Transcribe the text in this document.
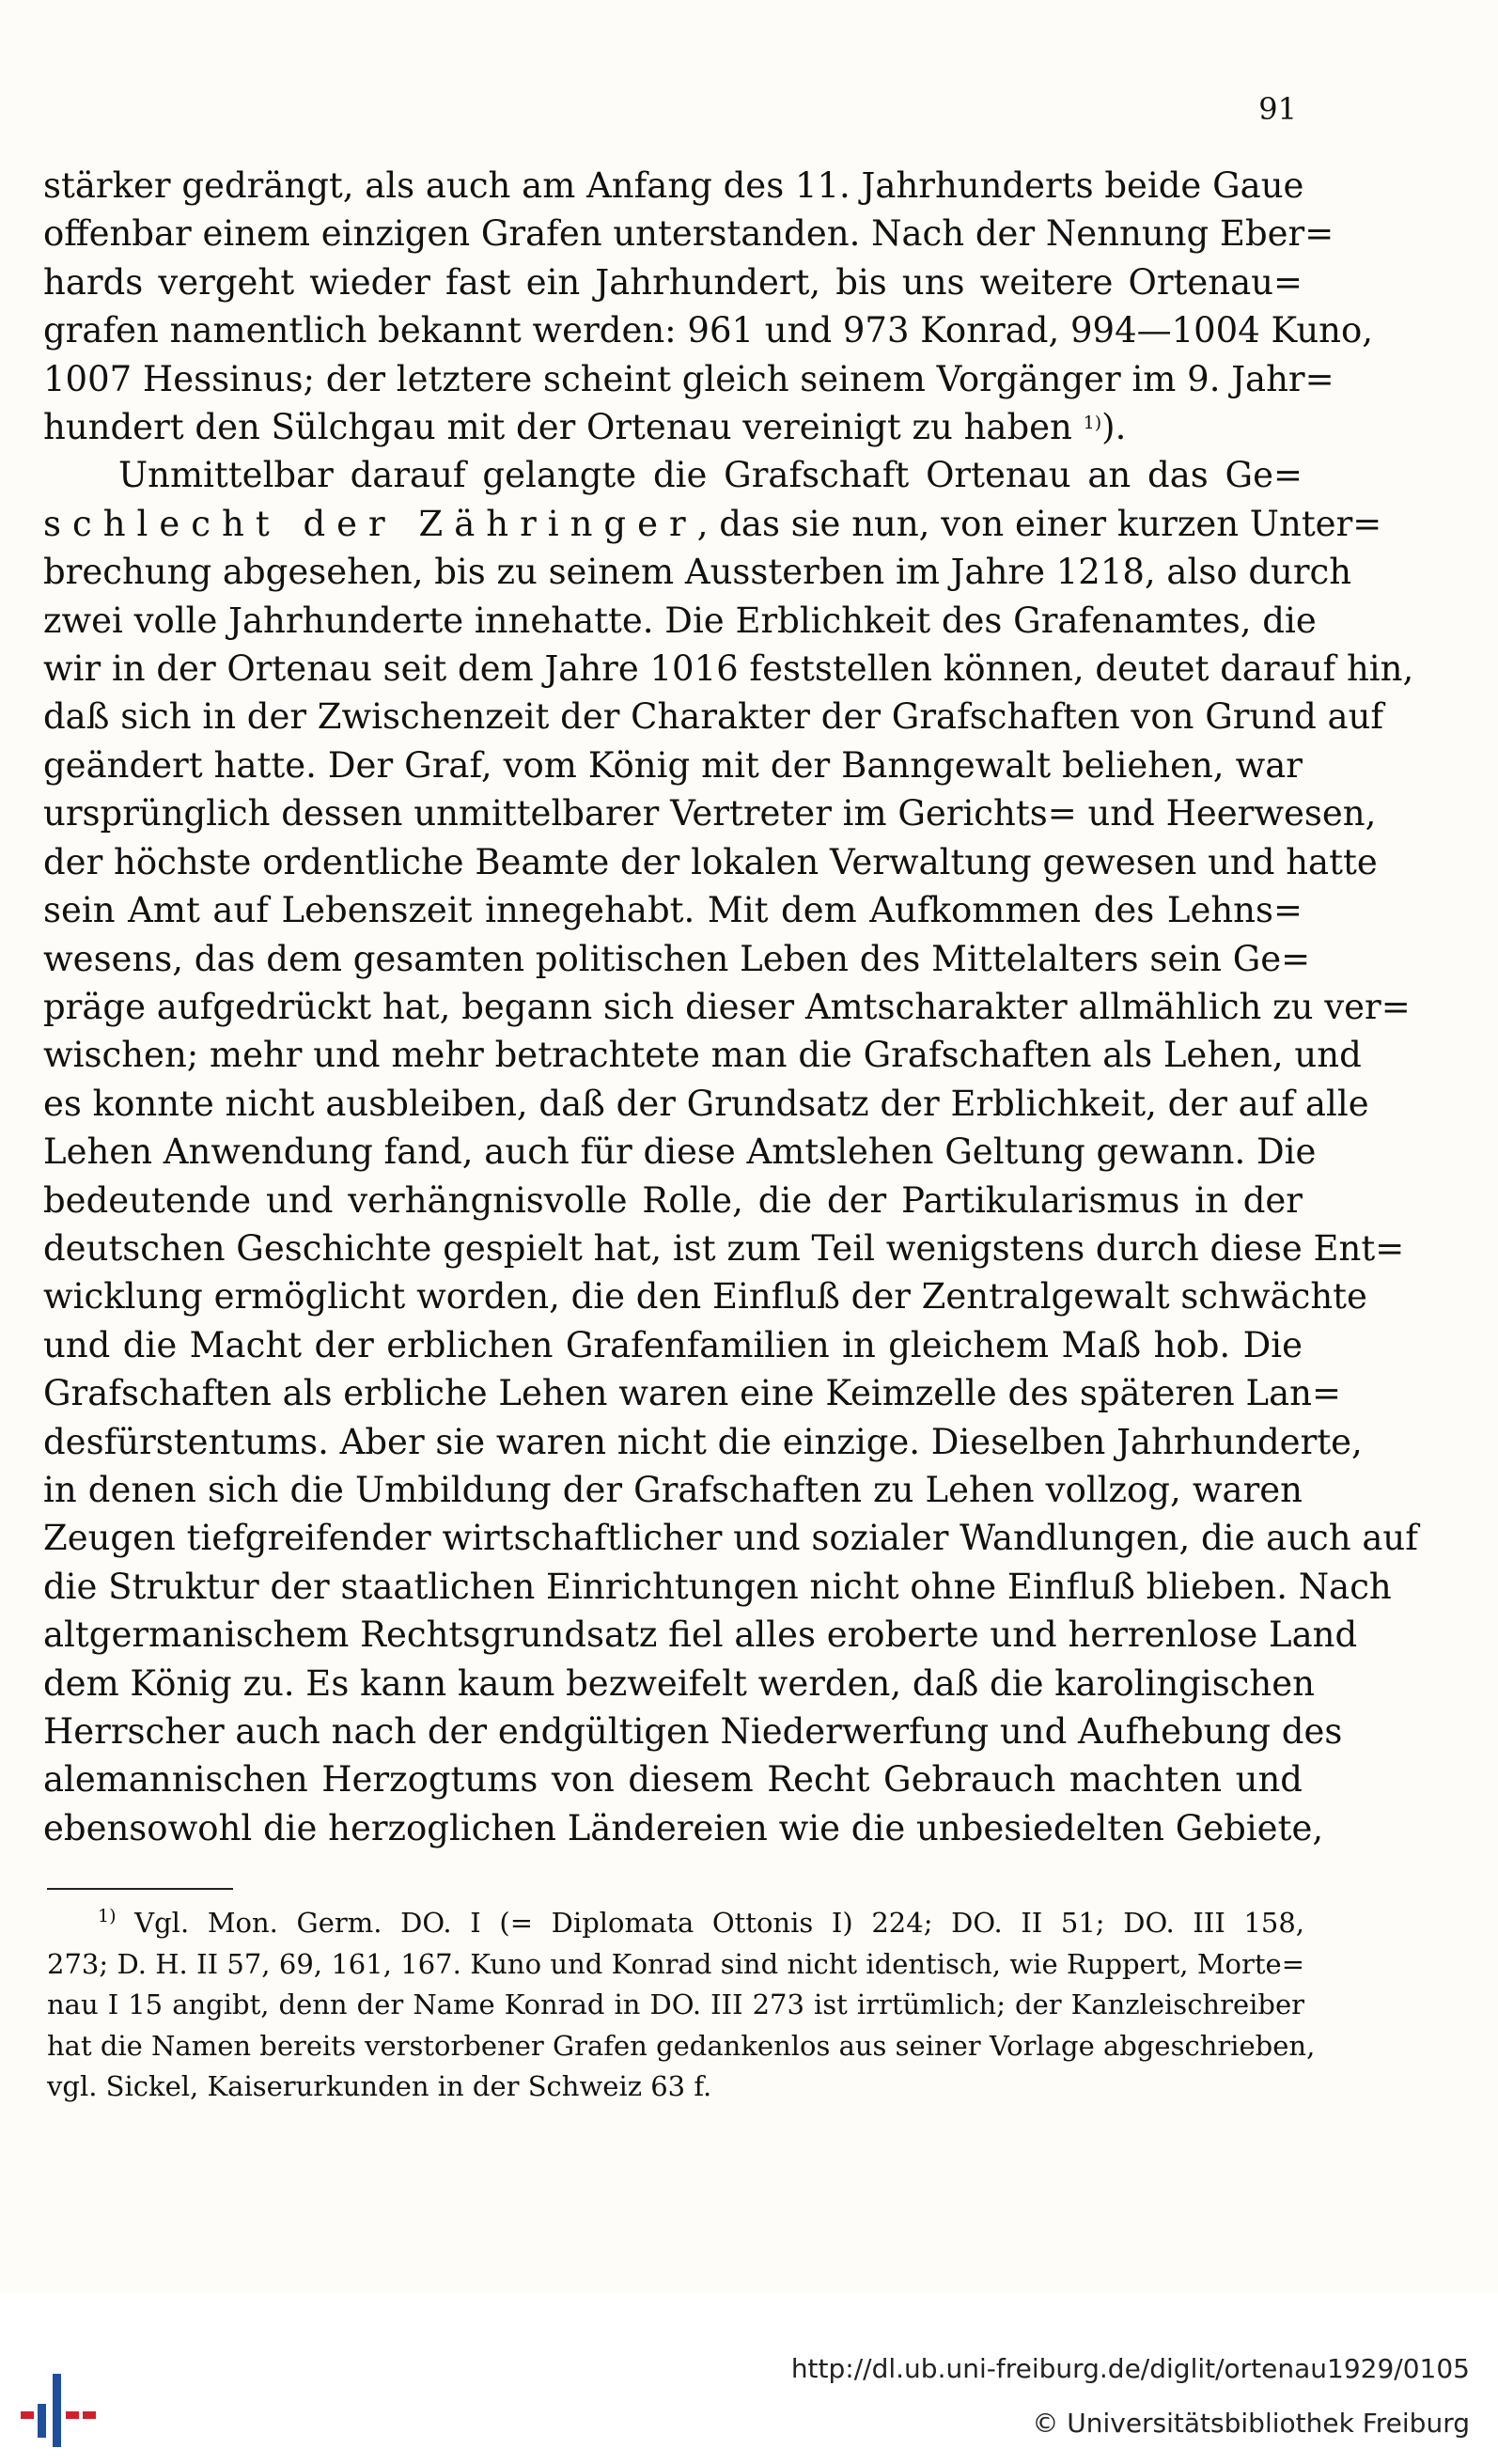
91
stärker gedrängt, als auch am Anfang des 11. Jahrhunderts beide Gaue
offenbar einem einzigen Grafen unterstanden. Nach der Nennung Eber=
hards vergeht wieder fast ein Jahrhundert, bis uns weitere Ortenau=
grafen namentlich bekannt werden: 961 und 973 Konrad, 994—1004 Kuno,
1007 Hessinus; der letztere scheint gleich seinem Vorgänger im 9. Jahr=
hundert den Sülchgau mit der Ortenau vereinigt zu haben $^{1)}$).
Unmittelbar darauf gelangte die Grafschaft Ortenau an das Ge=
schlecht der Zähringer, das sie nun, von einer kurzen Unter=
brechung abgesehen, bis zu seinem Aussterben im Jahre 1218, also durch
zwei volle Jahrhunderte innehatte. Die Erblichkeit des Grafenamtes, die
wir in der Ortenau seit dem Jahre 1016 feststellen können, deutet darauf hin,
daß sich in der Zwischenzeit der Charakter der Grafschaften von Grund auf
geändert hatte. Der Graf, vom König mit der Banngewalt beliehen, war
ursprünglich dessen unmittelbarer Vertreter im Gerichts= und Heerwesen,
der höchste ordentliche Beamte der lokalen Verwaltung gewesen und hatte
sein Amt auf Lebenszeit innegehabt. Mit dem Aufkommen des Lehns=
wesens, das dem gesamten politischen Leben des Mittelalters sein Ge=
präge aufgedrückt hat, begann sich dieser Amtscharakter allmählich zu ver=
wischen; mehr und mehr betrachtete man die Grafschaften als Lehen, und
es konnte nicht ausbleiben, daß der Grundsatz der Erblichkeit, der auf alle
Lehen Anwendung fand, auch für diese Amtslehen Geltung gewann. Die
bedeutende und verhängnisvolle Rolle, die der Partikularismus in der
deutschen Geschichte gespielt hat, ist zum Teil wenigstens durch diese Ent=
wicklung ermöglicht worden, die den Einfluß der Zentralgewalt schwächte
und die Macht der erblichen Grafenfamilien in gleichem Maß hob. Die
Grafschaften als erbliche Lehen waren eine Keimzelle des späteren Lan=
desfürstentums. Aber sie waren nicht die einzige. Dieselben Jahrhunderte,
in denen sich die Umbildung der Grafschaften zu Lehen vollzog, waren
Zeugen tiefgreifender wirtschaftlicher und sozialer Wandlungen, die auch auf
die Struktur der staatlichen Einrichtungen nicht ohne Einfluß blieben. Nach
altgermanischem Rechtsgrundsatz fiel alles eroberte und herrenlose Land
dem König zu. Es kann kaum bezweifelt werden, daß die karolingischen
Herrscher auch nach der endgültigen Niederwerfung und Aufhebung des
alemannischen Herzogtums von diesem Recht Gebrauch machten und
ebensowohl die herzoglichen Ländereien wie die unbesiedelten Gebiete,
$^{1)}$ Vgl. Mon. Germ. DO. I (= Diplomata Ottonis I) 224; DO. II 51; DO. III 158,
273; D. H. II 57, 69, 161, 167. Kuno und Konrad sind nicht identisch, wie Ruppert, Morte=
nau I 15 angibt, denn der Name Konrad in DO. III 273 ist irrtümlich; der Kanzleischreiber
hat die Namen bereits verstorbener Grafen gedankenlos aus seiner Vorlage abgeschrieben,
vgl. Sickel, Kaiserurkunden in der Schweiz 63 f.
http://dl.ub.uni-freiburg.de/diglit/ortenau1929/0105
© Universitätsbibliothek Freiburg
